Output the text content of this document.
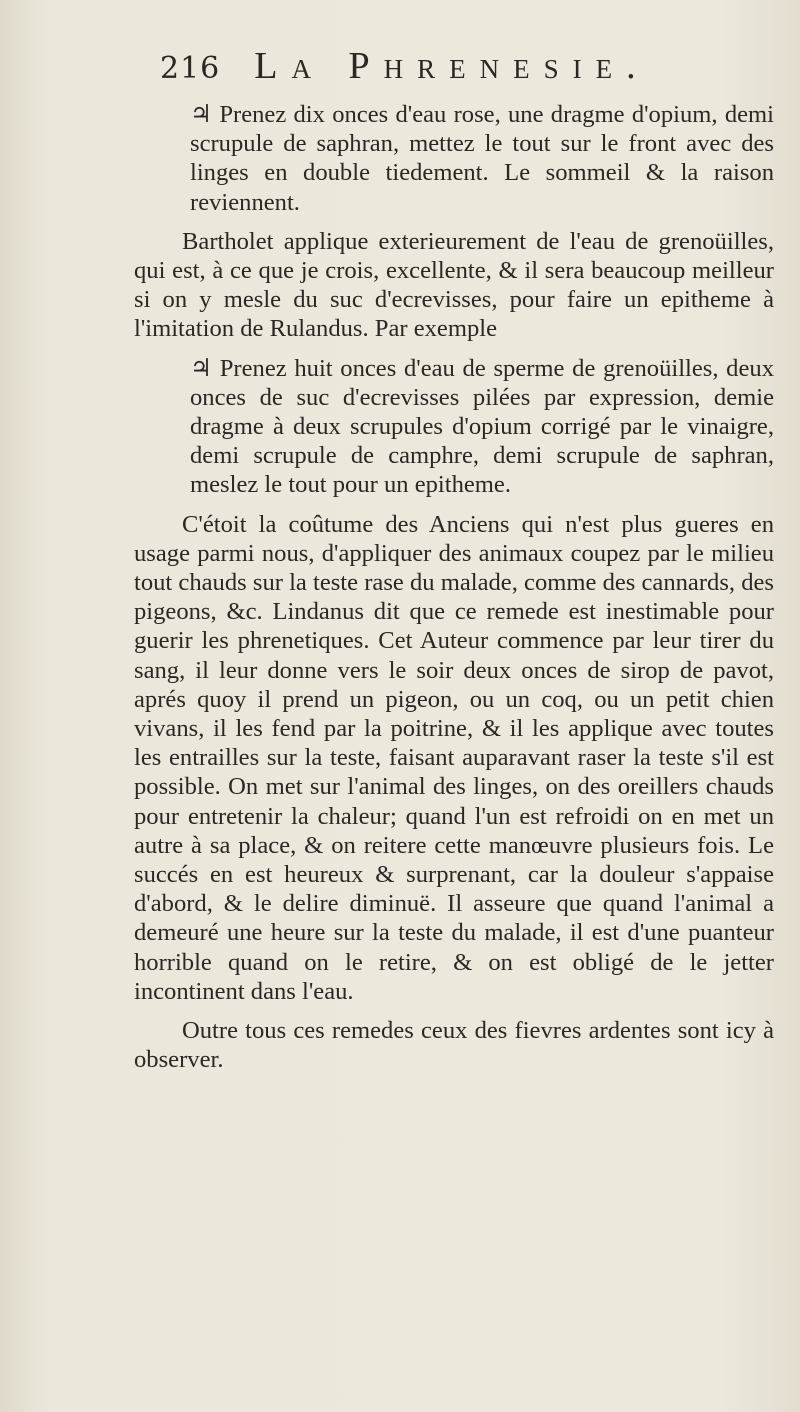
216 La Phrenesie.

♃ Prenez dix onces d'eau rose, une dragme d'opium, demi scrupule de saphran, mettez le tout sur le front avec des linges en double tiedement. Le sommeil & la raison reviennent.

Bartholet applique exterieurement de l'eau de grenoüilles, qui est, à ce que je crois, excellente, & il sera beaucoup meilleur si on y mesle du suc d'ecrevisses, pour faire un epitheme à l'imitation de Rulandus. Par exemple

♃ Prenez huit onces d'eau de sperme de grenoüilles, deux onces de suc d'ecrevisses pilées par expression, demie dragme à deux scrupules d'opium corrigé par le vinaigre, demi scrupule de camphre, demi scrupule de saphran, meslez le tout pour un epitheme.

C'étoit la coûtume des Anciens qui n'est plus gueres en usage parmi nous, d'appliquer des animaux coupez par le milieu tout chauds sur la teste rase du malade, comme des cannards, des pigeons, &c. Lindanus dit que ce remede est inestimable pour guerir les phrenetiques. Cet Auteur commence par leur tirer du sang, il leur donne vers le soir deux onces de sirop de pavot, aprés quoy il prend un pigeon, ou un coq, ou un petit chien vivans, il les fend par la poitrine, & il les applique avec toutes les entrailles sur la teste, faisant auparavant raser la teste s'il est possible. On met sur l'animal des linges, on des oreillers chauds pour entretenir la chaleur; quand l'un est refroidi on en met un autre à sa place, & on reitere cette manœuvre plusieurs fois. Le succés en est heureux & surprenant, car la douleur s'appaise d'abord, & le delire diminuë. Il asseure que quand l'animal a demeuré une heure sur la teste du malade, il est d'une puanteur horrible quand on le retire, & on est obligé de le jetter incontinent dans l'eau.

Outre tous ces remedes ceux des fievres ardentes sont icy à observer.
